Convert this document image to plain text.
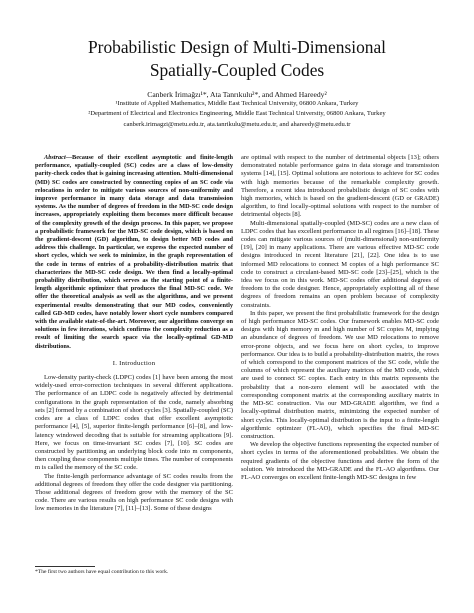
Probabilistic Design of Multi-Dimensional
Spatially-Coupled Codes
Canberk İrimağzı¹*, Ata Tanrıkulu²*, and Ahmed Hareedy²
¹Institute of Applied Mathematics, Middle East Technical University, 06800 Ankara, Turkey
²Department of Electrical and Electronics Engineering, Middle East Technical University, 06800 Ankara, Turkey
canberk.irimagzi@metu.edu.tr, ata.tanrikulu@metu.edu.tr, and ahareedy@metu.edu.tr

Abstract—Because of their excellent asymptotic and finite-length performance, spatially-coupled (SC) codes are a class of low-density parity-check codes that is gaining increasing attention. Multi-dimensional (MD) SC codes are constructed by connecting copies of an SC code via relocations in order to mitigate various sources of non-uniformity and improve performance in many data storage and data transmission systems. As the number of degrees of freedom in the MD-SC code design increases, appropriately exploiting them becomes more difficult because of the complexity growth of the design process. In this paper, we propose a probabilistic framework for the MD-SC code design, which is based on the gradient-descent (GD) algorithm, to design better MD codes and address this challenge. In particular, we express the expected number of short cycles, which we seek to minimize, in the graph representation of the code in terms of entries of a probability-distribution matrix that characterizes the MD-SC code design. We then find a locally-optimal probability distribution, which serves as the starting point of a finite-length algorithmic optimizer that produces the final MD-SC code. We offer the theoretical analysis as well as the algorithms, and we present experimental results demonstrating that our MD codes, conveniently called GD-MD codes, have notably lower short cycle numbers compared with the available state-of-the-art. Moreover, our algorithms converge on solutions in few iterations, which confirms the complexity reduction as a result of limiting the search space via the locally-optimal GD-MD distributions.

I. Introduction

Low-density parity-check (LDPC) codes [1] have been among the most widely-used error-correction techniques in several different applications. The performance of an LDPC code is negatively affected by detrimental configurations in the graph representation of the code, namely absorbing sets [2] formed by a combination of short cycles [3]. Spatially-coupled (SC) codes are a class of LDPC codes that offer excellent asymptotic performance [4], [5], superior finite-length performance [6]–[8], and low-latency windowed decoding that is suitable for streaming applications [9]. Here, we focus on time-invariant SC codes [7], [10]. SC codes are constructed by partitioning an underlying block code into m components, then coupling these components multiple times. The number of components m is called the memory of the SC code.

The finite-length performance advantage of SC codes results from the additional degrees of freedom they offer the code designer via partitioning. Those additional degrees of freedom grow with the memory of the SC code. There are various results on high performance SC code designs with low memories in the literature [7], [11]–[13]. Some of these designs

are optimal with respect to the number of detrimental objects [13]; others demonstrated notable performance gains in data storage and transmission systems [14], [15]. Optimal solutions are notorious to achieve for SC codes with high memories because of the remarkable complexity growth. Therefore, a recent idea introduced probabilistic design of SC codes with high memories, which is based on the gradient-descent (GD or GRADE) algorithm, to find locally-optimal solutions with respect to the number of detrimental objects [8].

Multi-dimensional spatially-coupled (MD-SC) codes are a new class of LDPC codes that has excellent performance in all regimes [16]–[18]. These codes can mitigate various sources of (multi-dimensional) non-uniformity [19], [20] in many applications. There are various effective MD-SC code designs introduced in recent literature [21], [22]. One idea is to use informed MD relocations to connect M copies of a high performance SC code to construct a circulant-based MD-SC code [23]–[25], which is the idea we focus on in this work. MD-SC codes offer additional degrees of freedom to the code designer. Hence, appropriately exploiting all of these degrees of freedom remains an open problem because of complexity constraints.

In this paper, we present the first probabilistic framework for the design of high performance MD-SC codes. Our framework enables MD-SC code designs with high memory m and high number of SC copies M, implying an abundance of degrees of freedom. We use MD relocations to remove error-prone objects, and we focus here on short cycles, to improve performance. Our idea is to build a probability-distribution matrix, the rows of which correspond to the component matrices of the SC code, while the columns of which represent the auxiliary matrices of the MD code, which are used to connect SC copies. Each entry in this matrix represents the probability that a non-zero element will be associated with the corresponding component matrix at the corresponding auxiliary matrix in the MD-SC construction. Via our MD-GRADE algorithm, we find a locally-optimal distribution matrix, minimizing the expected number of short cycles. This locally-optimal distribution is the input to a finite-length algorithmic optimizer (FL-AO), which specifies the final MD-SC construction.

We develop the objective functions representing the expected number of short cycles in terms of the aforementioned probabilities. We obtain the required gradients of the objective functions and derive the form of the solution. We introduced the MD-GRADE and the FL-AO algorithms. Our FL-AO converges on excellent finite-length MD-SC designs in few

*The first two authors have equal contribution to this work.
